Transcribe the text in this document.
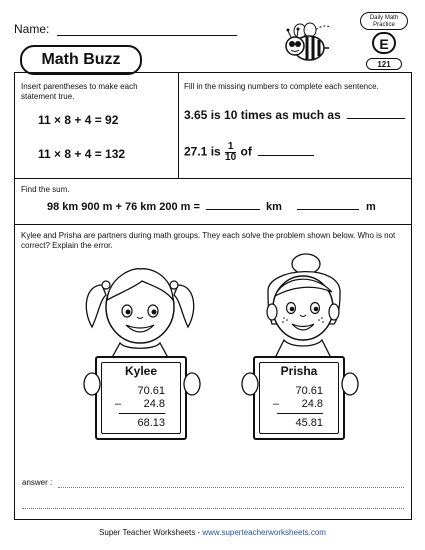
Name:
Math Buzz
Daily Math Practice
E
121
Insert parentheses to make each statement true.
11 × 8 + 4 = 92
11 × 8 + 4 = 132
Fill in the missing numbers to complete each sentence.
3.65 is 10 times as much as
27.1 is $\frac{1}{10}$ of
Find the sum.
98 km 900 m + 76 km 200 m =	km	m
Kylee and Prisha are partners during math groups. They each solve the problem shown below. Who is not correct? Explain the error.
Kylee
70.61
–	24.8
68.13
Prisha
70.61
–	24.8
45.81
answer :
Super Teacher Worksheets - www.superteacherworksheets.com
